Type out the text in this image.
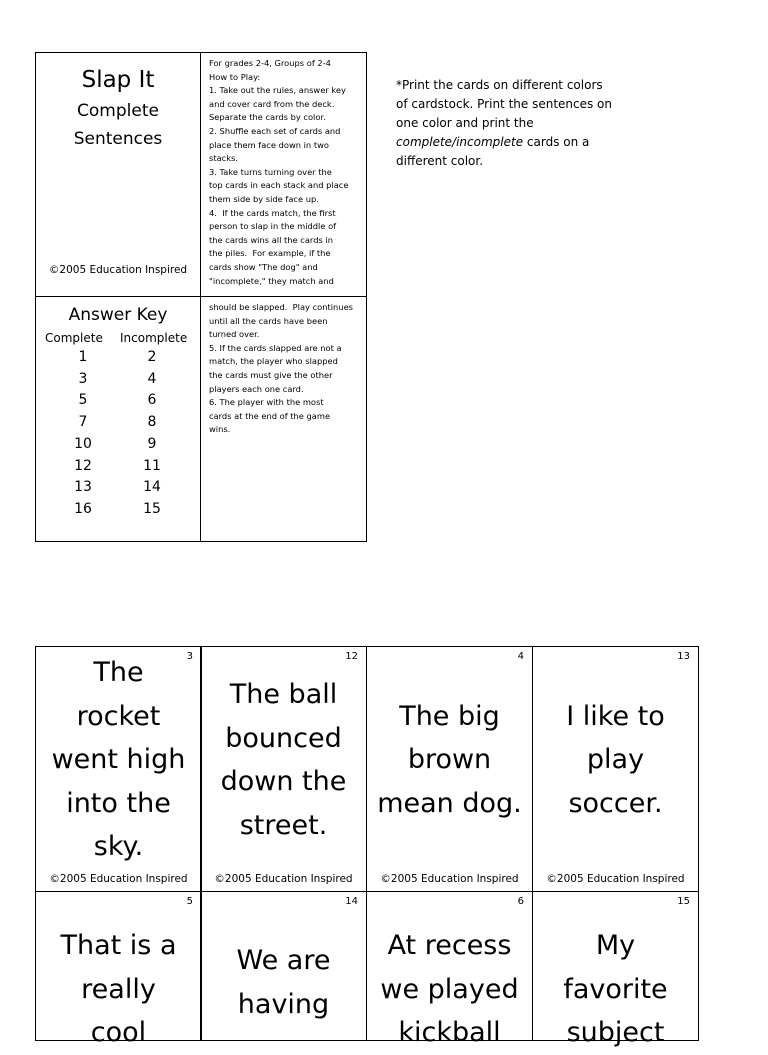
Slap It
Complete
Sentences
©2005 Education Inspired
For grades 2-4, Groups of 2-4
How to Play:
1. Take out the rules, answer key
and cover card from the deck.
Separate the cards by color.
2. Shuffle each set of cards and
place them face down in two
stacks.
3. Take turns turning over the
top cards in each stack and place
them side by side face up.
4.  If the cards match, the first
person to slap in the middle of
the cards wins all the cards in
the piles.  For example, if the
cards show "The dog" and
"incomplete," they match and
Answer Key
Complete Incomplete
1	2
3	4
5	6
7	8
10	9
12	11
13	14
16	15
should be slapped.  Play continues
until all the cards have been
turned over.
5. If the cards slapped are not a
match, the player who slapped
the cards must give the other
players each one card.
6. The player with the most
cards at the end of the game
wins.
*Print the cards on different colors
of cardstock. Print the sentences on
one color and print the
complete/incomplete cards on a
different color.
3
The
rocket
went high
into the
sky.
©2005 Education Inspired
12
The ball
bounced
down the
street.
©2005 Education Inspired
4
The big
brown
mean dog.
©2005 Education Inspired
13
I like to
play
soccer.
©2005 Education Inspired
5
That is a
really
cool
14
We are
having
6
At recess
we played
kickball
15
My
favorite
subject
